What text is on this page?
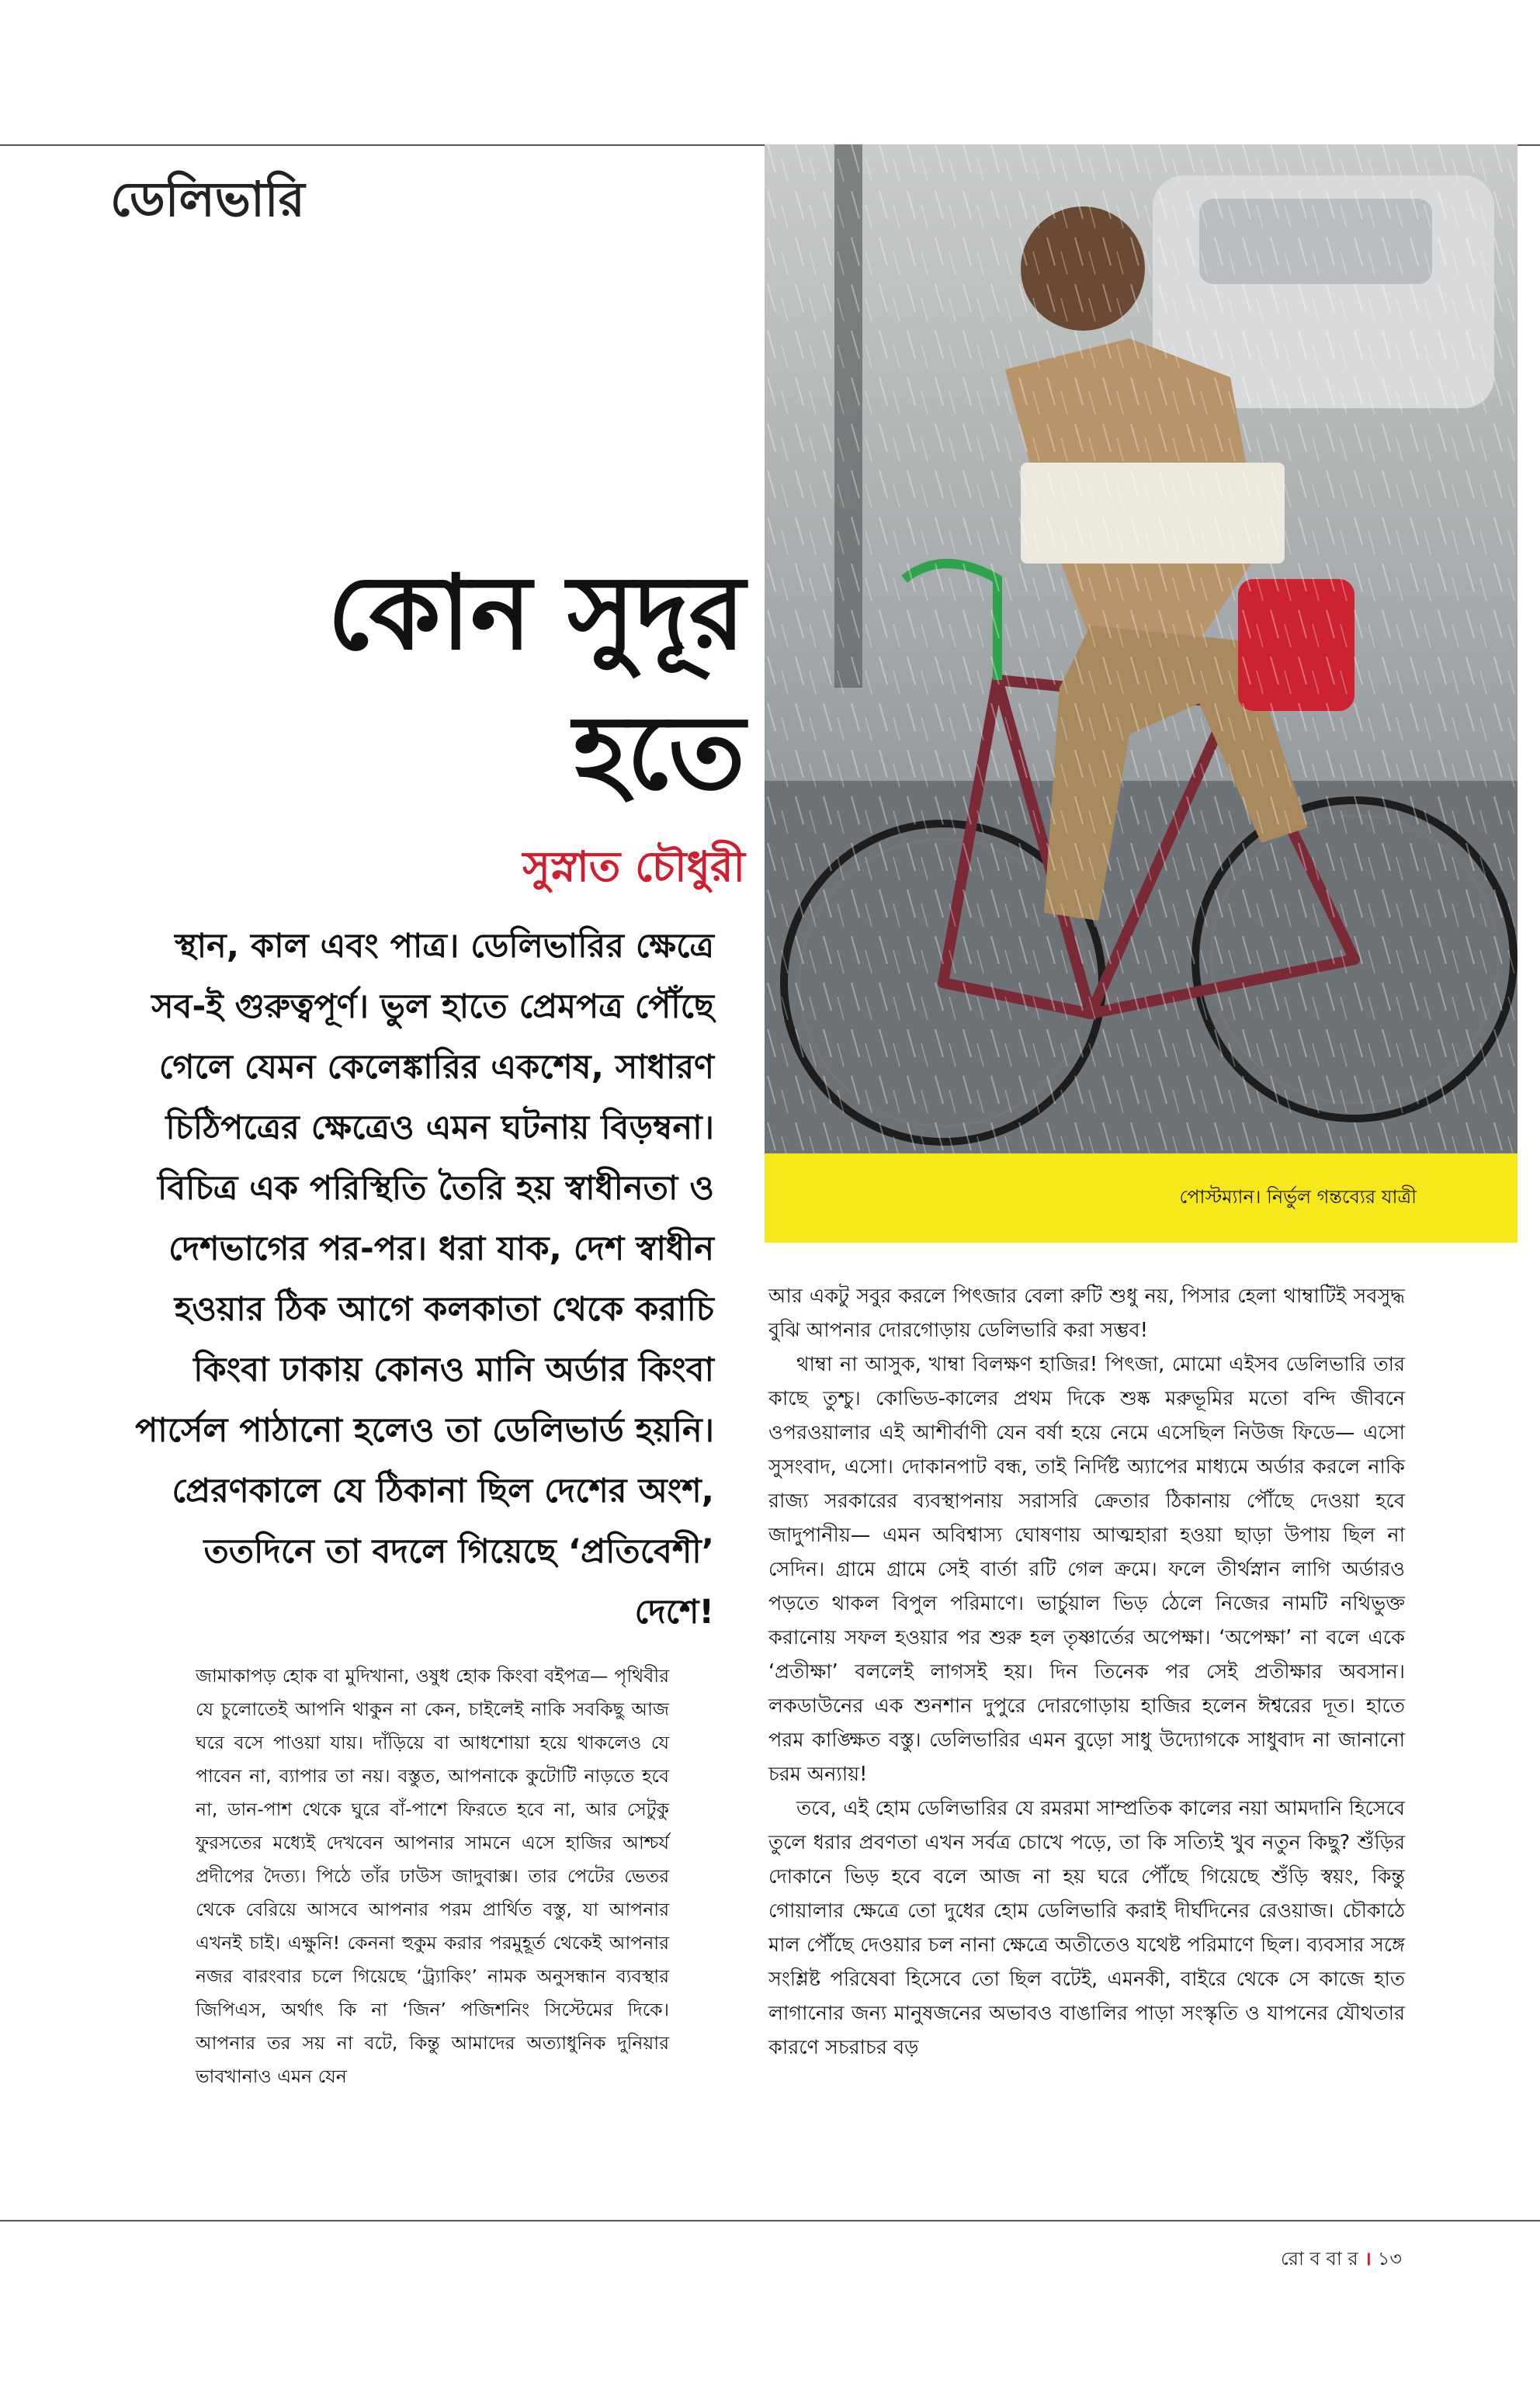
ডেলিভারি
কোন সুদূর
হতে

সুস্নাত চৌধুরী

স্থান, কাল এবং পাত্র। ডেলিভারির ক্ষেত্রে সব-ই গুরুত্বপূর্ণ। ভুল হাতে প্রেমপত্র পৌঁছে গেলে যেমন কেলেঙ্কারির একশেষ, সাধারণ চিঠিপত্রের ক্ষেত্রেও এমন ঘটনায় বিড়ম্বনা। বিচিত্র এক পরিস্থিতি তৈরি হয় স্বাধীনতা ও দেশভাগের পর-পর। ধরা যাক, দেশ স্বাধীন হওয়ার ঠিক আগে কলকাতা থেকে করাচি কিংবা ঢাকায় কোনও মানি অর্ডার কিংবা পার্সেল পাঠানো হলেও তা ডেলিভার্ড হয়নি। প্রেরণকালে যে ঠিকানা ছিল দেশের অংশ, ততদিনে তা বদলে গিয়েছে ‘প্রতিবেশী’ দেশে!

পোস্টম্যান। নির্ভুল গন্তব্যের যাত্রী

জামাকাপড় হোক বা মুদিখানা, ওষুধ হোক কিংবা বইপত্র— পৃথিবীর যে চুলোতেই আপনি থাকুন না কেন, চাইলেই নাকি সবকিছু আজ ঘরে বসে পাওয়া যায়। দাঁড়িয়ে বা আধশোয়া হয়ে থাকলেও যে পাবেন না, ব্যাপার তা নয়। বস্তুত, আপনাকে কুটোটি নাড়তে হবে না, ডান-পাশ থেকে ঘুরে বাঁ-পাশে ফিরতে হবে না, আর সেটুকু ফুরসতের মধ্যেই দেখবেন আপনার সামনে এসে হাজির আশ্চর্য প্রদীপের দৈত্য। পিঠে তাঁর ঢাউস জাদুবাক্স। তার পেটের ভেতর থেকে বেরিয়ে আসবে আপনার পরম প্রার্থিত বস্তু, যা আপনার এখনই চাই। এক্ষুনি! কেননা হুকুম করার পরমুহূর্ত থেকেই আপনার নজর বারংবার চলে গিয়েছে ‘ট্র্যাকিং’ নামক অনুসন্ধান ব্যবস্থার জিপিএস, অর্থাৎ কি না ‘জিন’ পজিশনিং সিস্টেমের দিকে। আপনার তর সয় না বটে, কিন্তু আমাদের অত্যাধুনিক দুনিয়ার ভাবখানাও এমন যেন

আর একটু সবুর করলে পিৎজার বেলা রুটি শুধু নয়, পিসার হেলা থাম্বাটিই সবসুদ্ধ বুঝি আপনার দোরগোড়ায় ডেলিভারি করা সম্ভব!

থাম্বা না আসুক, খাম্বা বিলক্ষণ হাজির! পিৎজা, মোমো এইসব ডেলিভারি তার কাছে তুশ্চু। কোভিড-কালের প্রথম দিকে শুষ্ক মরুভূমির মতো বন্দি জীবনে ওপরওয়ালার এই আশীর্বাণী যেন বর্ষা হয়ে নেমে এসেছিল নিউজ ফিডে— এসো সুসংবাদ, এসো। দোকানপাট বন্ধ, তাই নির্দিষ্ট অ্যাপের মাধ্যমে অর্ডার করলে নাকি রাজ্য সরকারের ব্যবস্থাপনায় সরাসরি ক্রেতার ঠিকানায় পৌঁছে দেওয়া হবে জাদুপানীয়— এমন অবিশ্বাস্য ঘোষণায় আত্মহারা হওয়া ছাড়া উপায় ছিল না সেদিন। গ্রামে গ্রামে সেই বার্তা রটি গেল ক্রমে। ফলে তীর্থস্নান লাগি অর্ডারও পড়তে থাকল বিপুল পরিমাণে। ভার্চুয়াল ভিড় ঠেলে নিজের নামটি নথিভুক্ত করানোয় সফল হওয়ার পর শুরু হল তৃষ্ণার্তের অপেক্ষা। ‘অপেক্ষা’ না বলে একে ‘প্রতীক্ষা’ বললেই লাগসই হয়। দিন তিনেক পর সেই প্রতীক্ষার অবসান। লকডাউনের এক শুনশান দুপুরে দোরগোড়ায় হাজির হলেন ঈশ্বরের দূত। হাতে পরম কাঙ্ক্ষিত বস্তু। ডেলিভারির এমন বুড়ো সাধু উদ্যোগকে সাধুবাদ না জানানো চরম অন্যায়!

তবে, এই হোম ডেলিভারির যে রমরমা সাম্প্রতিক কালের নয়া আমদানি হিসেবে তুলে ধরার প্রবণতা এখন সর্বত্র চোখে পড়ে, তা কি সত্যিই খুব নতুন কিছু? শুঁড়ির দোকানে ভিড় হবে বলে আজ না হয় ঘরে পৌঁছে গিয়েছে শুঁড়ি স্বয়ং, কিন্তু গোয়ালার ক্ষেত্রে তো দুধের হোম ডেলিভারি করাই দীর্ঘদিনের রেওয়াজ। চৌকাঠে মাল পৌঁছে দেওয়ার চল নানা ক্ষেত্রে অতীতেও যথেষ্ট পরিমাণে ছিল। ব্যবসার সঙ্গে সংশ্লিষ্ট পরিষেবা হিসেবে তো ছিল বটেই, এমনকী, বাইরে থেকে সে কাজে হাত লাগানোর জন্য মানুষজনের অভাবও বাঙালির পাড়া সংস্কৃতি ও যাপনের যৌথতার কারণে সচরাচর বড়

রো ব বা র । ১৩
